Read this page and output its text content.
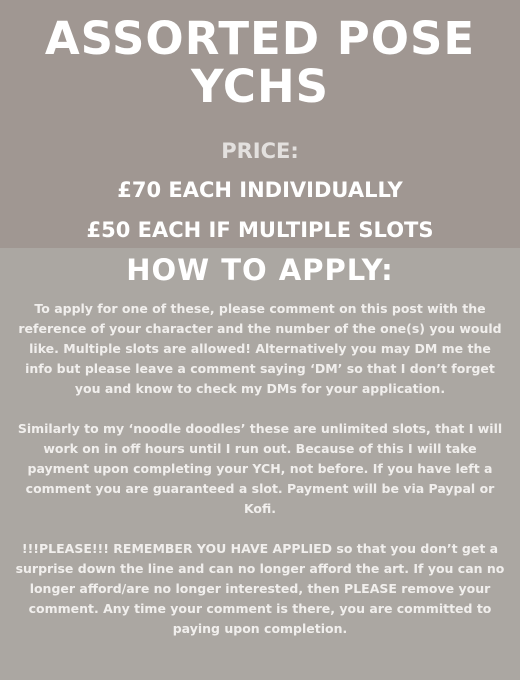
ASSORTED POSE YCHS
PRICE:
£70 EACH INDIVIDUALLY
£50 EACH IF MULTIPLE SLOTS
HOW TO APPLY:

To apply for one of these, please comment on this post with the reference of your character and the number of the one(s) you would like. Multiple slots are allowed! Alternatively you may DM me the info but please leave a comment saying ‘DM’ so that I don’t forget you and know to check my DMs for your application.

Similarly to my ‘noodle doodles’ these are unlimited slots, that I will work on in off hours until I run out. Because of this I will take payment upon completing your YCH, not before. If you have left a comment you are guaranteed a slot. Payment will be via Paypal or Kofi.

!!!PLEASE!!! REMEMBER YOU HAVE APPLIED so that you don’t get a surprise down the line and can no longer afford the art. If you can no longer afford/are no longer interested, then PLEASE remove your comment. Any time your comment is there, you are committed to paying upon completion.
